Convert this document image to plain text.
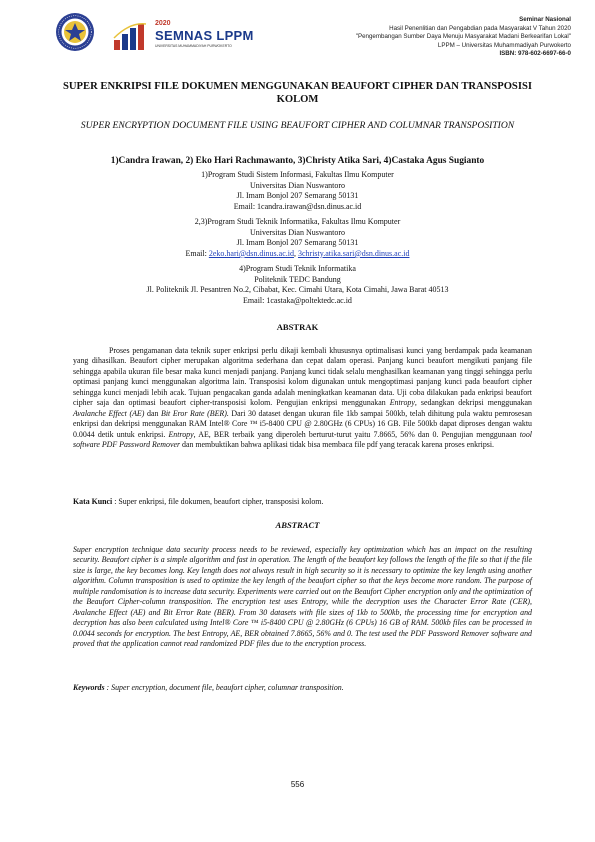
2020
SEMNAS LPPM
UNIVERSITAS MUHAMMADIYAH PURWOKERTO
Seminar Nasional
Hasil Penenlitian dan Pengabdian pada Masyarakat V Tahun 2020
"Pengembangan Sumber Daya Menuju Masyarakat Madani Berkearifan Lokal"
LPPM – Universitas Muhammadiyah Purwokerto
ISBN: 978-602-6697-66-0
SUPER ENKRIPSI FILE DOKUMEN MENGGUNAKAN BEAUFORT CIPHER DAN TRANSPOSISI KOLOM
SUPER ENCRYPTION DOCUMENT FILE USING BEAUFORT CIPHER AND COLUMNAR TRANSPOSITION
1)Candra Irawan, 2) Eko Hari Rachmawanto, 3)Christy Atika Sari, 4)Castaka Agus Sugianto
1)Program Studi Sistem Informasi, Fakultas Ilmu Komputer
Universitas Dian Nuswantoro
Jl. Imam Bonjol 207 Semarang 50131
Email: 1candra.irawan@dsn.dinus.ac.id
2,3)Program Studi Teknik Informatika, Fakultas Ilmu Komputer
Universitas Dian Nuswantoro
Jl. Imam Bonjol 207 Semarang 50131
Email: 2eko.hari@dsn.dinus.ac.id, 3christy.atika.sari@dsn.dinus.ac.id
4)Program Studi Teknik Informatika
Politeknik TEDC Bandung
Jl. Politeknik Jl. Pesantren No.2, Cibabat, Kec. Cimahi Utara, Kota Cimahi, Jawa Barat 40513
Email: 1castaka@poltektedc.ac.id
ABSTRAK
Proses pengamanan data teknik super enkripsi perlu dikaji kembali khususnya optimalisasi kunci yang berdampak pada keamanan yang dihasilkan. Beaufort cipher merupakan algoritma sederhana dan cepat dalam operasi. Panjang kunci beaufort mengikuti panjang file sehingga apabila ukuran file besar maka kunci menjadi panjang. Panjang kunci tidak selalu menghasilkan keamanan yang tinggi sehingga perlu optimasi panjang kunci menggunakan algoritma lain. Transposisi kolom digunakan untuk mengoptimasi panjang kunci pada beaufort cipher sehingga kunci menjadi lebih acak. Tujuan pengacakan ganda adalah meningkatkan keamanan data. Uji coba dilakukan pada enkripsi beaufort cipher saja dan optimasi beaufort cipher-transposisi kolom. Pengujian enkripsi menggunakan Entropy, sedangkan dekripsi menggunakan Avalanche Effect (AE) dan Bit Eror Rate (BER). Dari 30 dataset dengan ukuran file 1kb sampai 500kb, telah dihitung pula waktu pemrosesan enkripsi dan dekripsi menggunakan RAM Intel® Core ™ i5-8400 CPU @ 2.80GHz (6 CPUs) 16 GB. File 500kb dapat diproses dengan waktu 0.0044 detik untuk enkripsi. Entropy, AE, BER terbaik yang diperoleh berturut-turut yaitu 7.8665, 56% dan 0. Pengujian menggunaan tool software PDF Password Remover dan membuktikan bahwa aplikasi tidak bisa membaca file pdf yang teracak karena proses enkripsi.
Kata Kunci : Super enkripsi, file dokumen, beaufort cipher, transposisi kolom.
ABSTRACT
Super encryption technique data security process needs to be reviewed, especially key optimization which has an impact on the resulting security. Beaufort cipher is a simple algorithm and fast in operation. The length of the beaufort key follows the length of the file so that if the file size is large, the key becomes long. Key length does not always result in high security so it is necessary to optimize the key length using another algorithm. Column transposition is used to optimize the key length of the beaufort cipher so that the keys become more random. The purpose of multiple randomisation is to increase data security. Experiments were carried out on the Beaufort Cipher encryption only and the optimization of the Beaufort Cipher-column transposition. The encryption test uses Entropy, while the decryption uses the Character Error Rate (CER), Avalanche Effect (AE) and Bit Error Rate (BER). From 30 datasets with file sizes of 1kb to 500kb, the processing time for encryption and decryption has also been calculated using Intel® Core ™ i5-8400 CPU @ 2.80GHz (6 CPUs) 16 GB of RAM. 500kb files can be processed in 0.0044 seconds for encryption. The best Entropy, AE, BER obtained 7.8665, 56% and 0. The test used the PDF Password Remover software and proved that the application cannot read randomized PDF files due to the encryption process.
Keywords : Super encryption, document file, beaufort cipher, columnar transposition.
556
